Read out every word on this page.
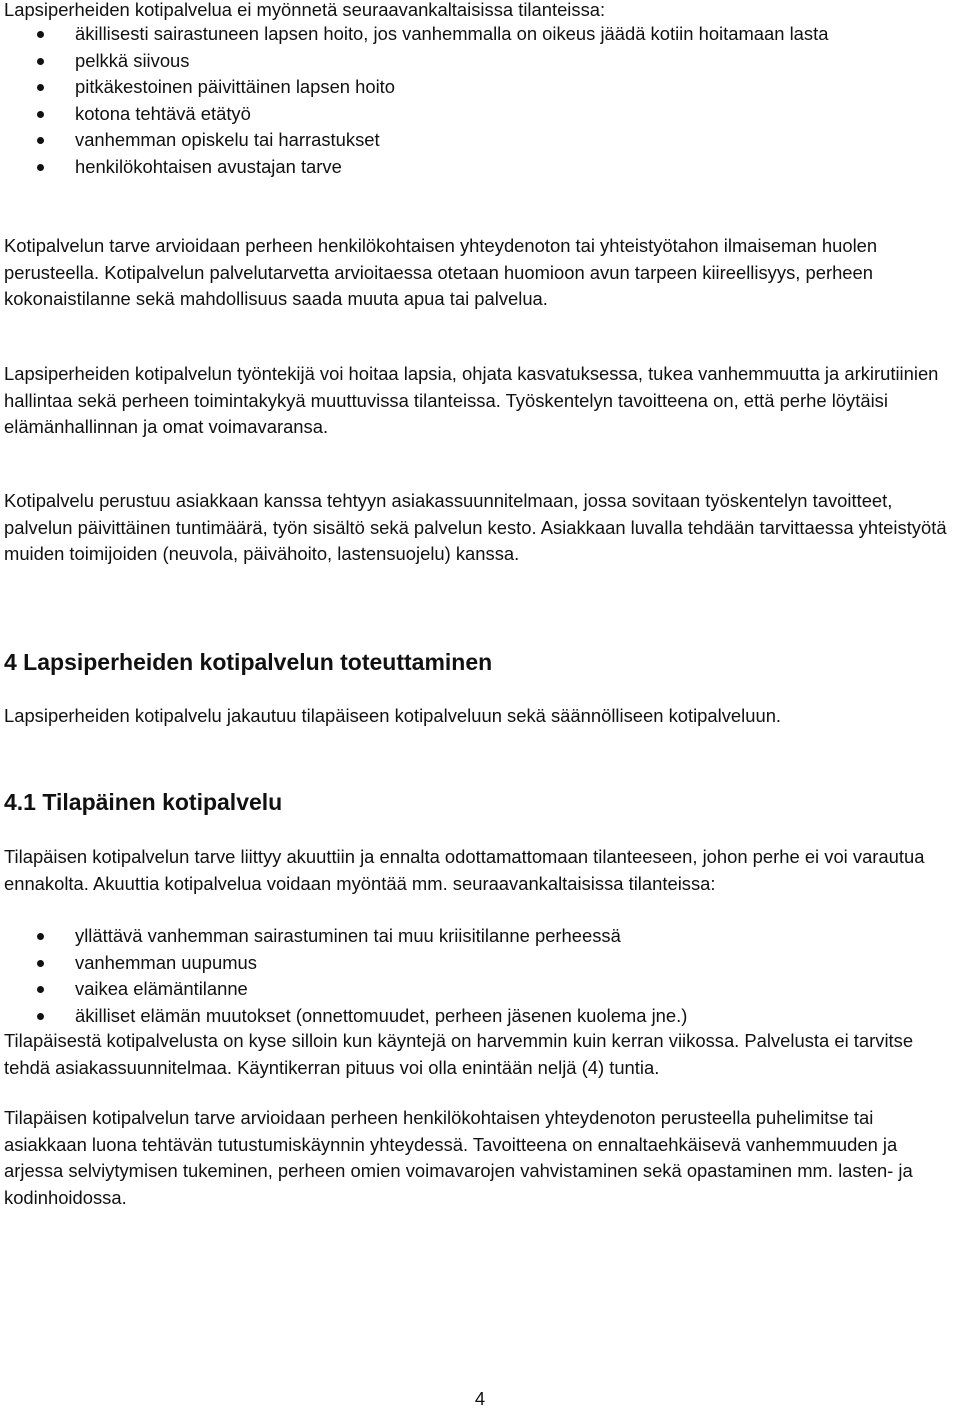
Lapsiperheiden kotipalvelua ei myönnetä seuraavankaltaisissa tilanteissa:

äkillisesti sairastuneen lapsen hoito, jos vanhemmalla on oikeus jäädä kotiin hoitamaan lasta
pelkkä siivous
pitkäkestoinen päivittäinen lapsen hoito
kotona tehtävä etätyö
vanhemman opiskelu tai harrastukset
henkilökohtaisen avustajan tarve

Kotipalvelun tarve arvioidaan perheen henkilökohtaisen yhteydenoton tai yhteistyötahon ilmaiseman huolen perusteella. Kotipalvelun palvelutarvetta arvioitaessa otetaan huomioon avun tarpeen kiireellisyys, perheen kokonaistilanne sekä mahdollisuus saada muuta apua tai palvelua.

Lapsiperheiden kotipalvelun työntekijä voi hoitaa lapsia, ohjata kasvatuksessa, tukea vanhemmuutta ja arkirutiinien hallintaa sekä perheen toimintakykyä muuttuvissa tilanteissa. Työskentelyn tavoitteena on, että perhe löytäisi elämänhallinnan ja omat voimavaransa.

Kotipalvelu perustuu asiakkaan kanssa tehtyyn asiakassuunnitelmaan, jossa sovitaan työskentelyn tavoitteet, palvelun päivittäinen tuntimäärä, työn sisältö sekä palvelun kesto. Asiakkaan luvalla tehdään tarvittaessa yhteistyötä muiden toimijoiden (neuvola, päivähoito, lastensuojelu) kanssa.

4 Lapsiperheiden kotipalvelun toteuttaminen

Lapsiperheiden kotipalvelu jakautuu tilapäiseen kotipalveluun sekä säännölliseen kotipalveluun.

4.1 Tilapäinen kotipalvelu

Tilapäisen kotipalvelun tarve liittyy akuuttiin ja ennalta odottamattomaan tilanteeseen, johon perhe ei voi varautua ennakolta. Akuuttia kotipalvelua voidaan myöntää mm. seuraavankaltaisissa tilanteissa:

yllättävä vanhemman sairastuminen tai muu kriisitilanne perheessä
vanhemman uupumus
vaikea elämäntilanne
äkilliset elämän muutokset (onnettomuudet, perheen jäsenen kuolema jne.)

Tilapäisestä kotipalvelusta on kyse silloin kun käyntejä on harvemmin kuin kerran viikossa. Palvelusta ei tarvitse tehdä asiakassuunnitelmaa. Käyntikerran pituus voi olla enintään neljä (4) tuntia.

Tilapäisen kotipalvelun tarve arvioidaan perheen henkilökohtaisen yhteydenoton perusteella puhelimitse tai asiakkaan luona tehtävän tutustumiskäynnin yhteydessä. Tavoitteena on ennaltaehkäisevä vanhemmuuden ja arjessa selviytymisen tukeminen, perheen omien voimavarojen vahvistaminen sekä opastaminen mm. lasten- ja kodinhoidossa.

4
